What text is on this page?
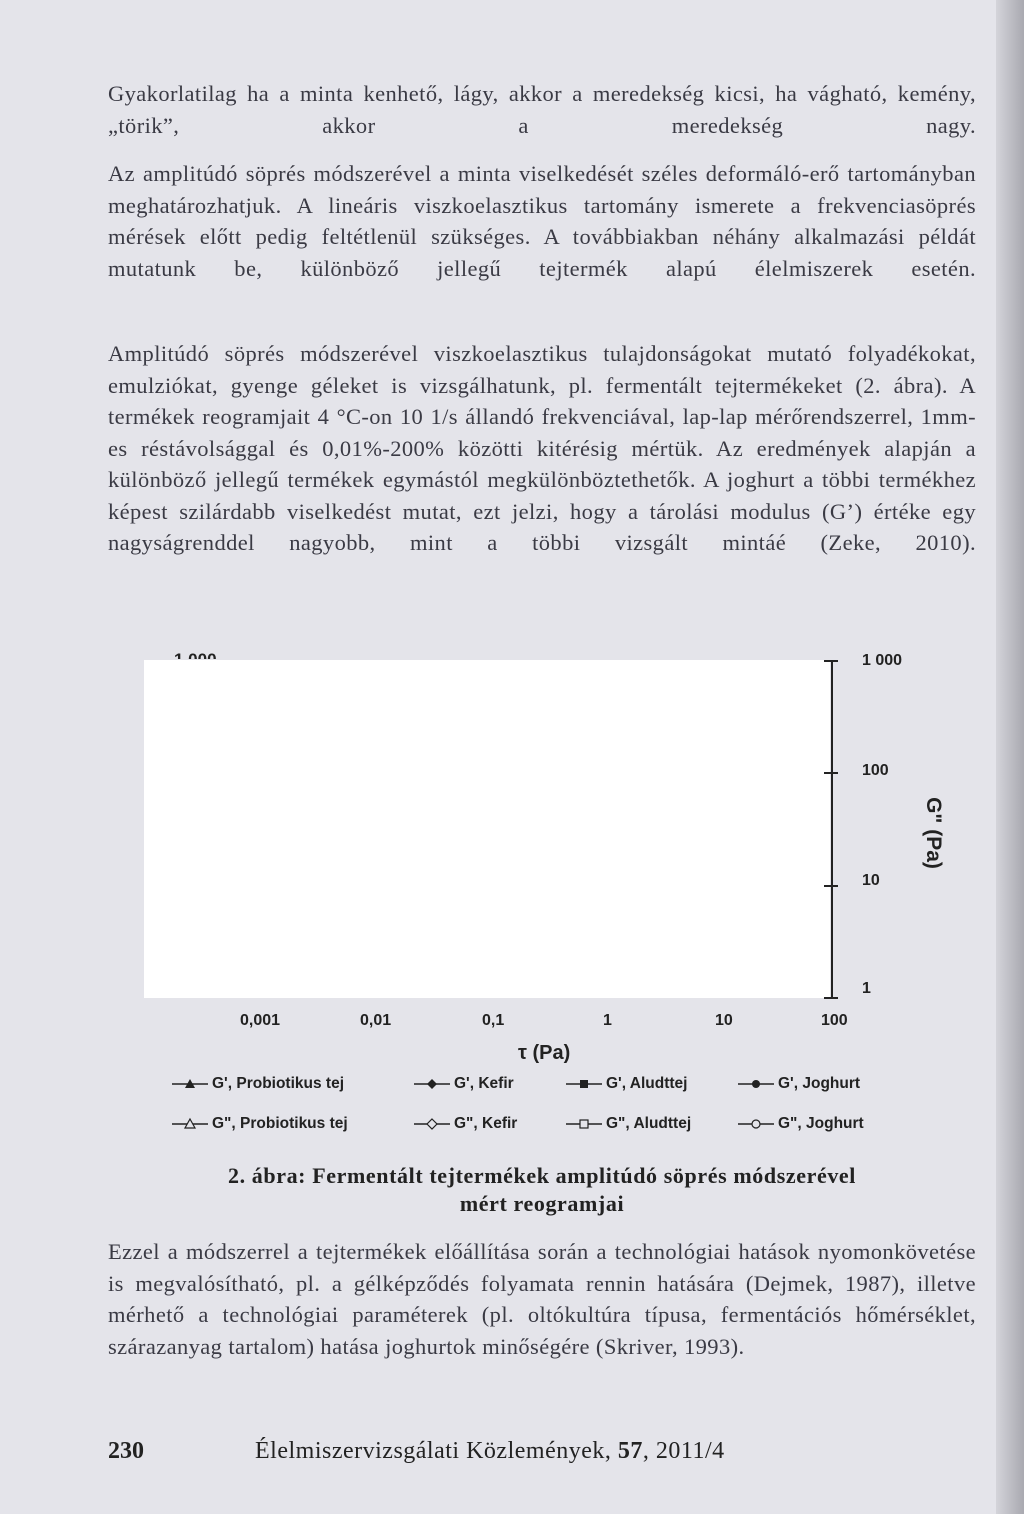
Gyakorlatilag ha a minta kenhető, lágy, akkor a meredekség kicsi, ha vágható, kemény, „törik”, akkor a meredekség nagy.

Az amplitúdó söprés módszerével a minta viselkedését széles deformáló-erő tartományban meghatározhatjuk. A lineáris viszkoelasztikus tartomány ismerete a frekvenciasöprés mérések előtt pedig feltétlenül szükséges. A továbbiakban néhány alkalmazási példát mutatunk be, különböző jellegű tejtermék alapú élelmiszerek esetén.

Amplitúdó söprés módszerével viszkoelasztikus tulajdonságokat mutató folyadékokat, emulziókat, gyenge géleket is vizsgálhatunk, pl. fermentált tejtermékeket (2. ábra). A termékek reogramjait 4 °C-on 10 1/s állandó frekvenciával, lap-lap mérőrendszerrel, 1mm-es réstávolsággal és 0,01%-200% közötti kitérésig mértük. Az eredmények alapján a különböző jellegű termékek egymástól megkülönböztethetők. A joghurt a többi termékhez képest szilárdabb viselkedést mutat, ezt jelzi, hogy a tárolási modulus (G’) értéke egy nagyságrenddel nagyobb, mint a többi vizsgált mintáé (Zeke, 2010).

1 000
100
10
1
G" (Pa)
0,001	0,01	0,1	1	10	100
τ (Pa)
G', Probiotikus tej	G', Kefir	G', Aludttej	G', Joghurt
G", Probiotikus tej	G", Kefir	G", Aludttej	G", Joghurt
2. ábra: Fermentált tejtermékek amplitúdó söprés módszerével
mért reogramjai

Ezzel a módszerrel a tejtermékek előállítása során a technológiai hatások nyomonkövetése is megvalósítható, pl. a gélképződés folyamata rennin hatására (Dejmek, 1987), illetve mérhető a technológiai paraméterek (pl. oltókultúra típusa, fermentációs hőmérséklet, szárazanyag tartalom) hatása joghurtok minőségére (Skriver, 1993).

230	Élelmiszervizsgálati Közlemények, 57, 2011/4
